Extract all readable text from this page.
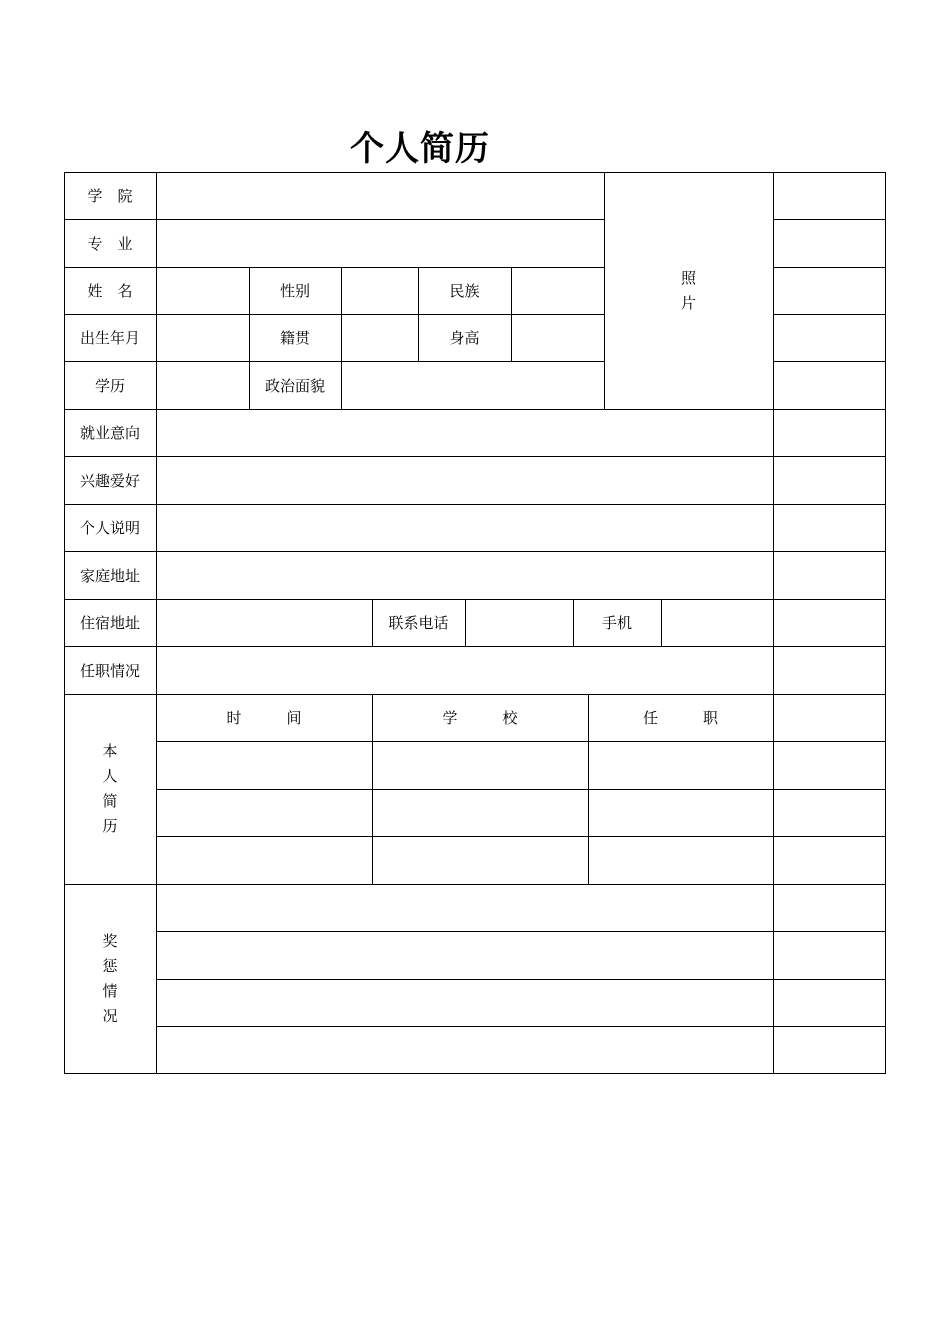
个人简历
学　院
专　业
姓　名	性别	民族
出生年月	籍贯	身高
学历	政治面貌
照
片
就业意向
兴趣爱好
个人说明
家庭地址
住宿地址	联系电话	手机
任职情况
本
人
简
历
时　　　间	学　　　校	任　　　职
奖
惩
情
况
